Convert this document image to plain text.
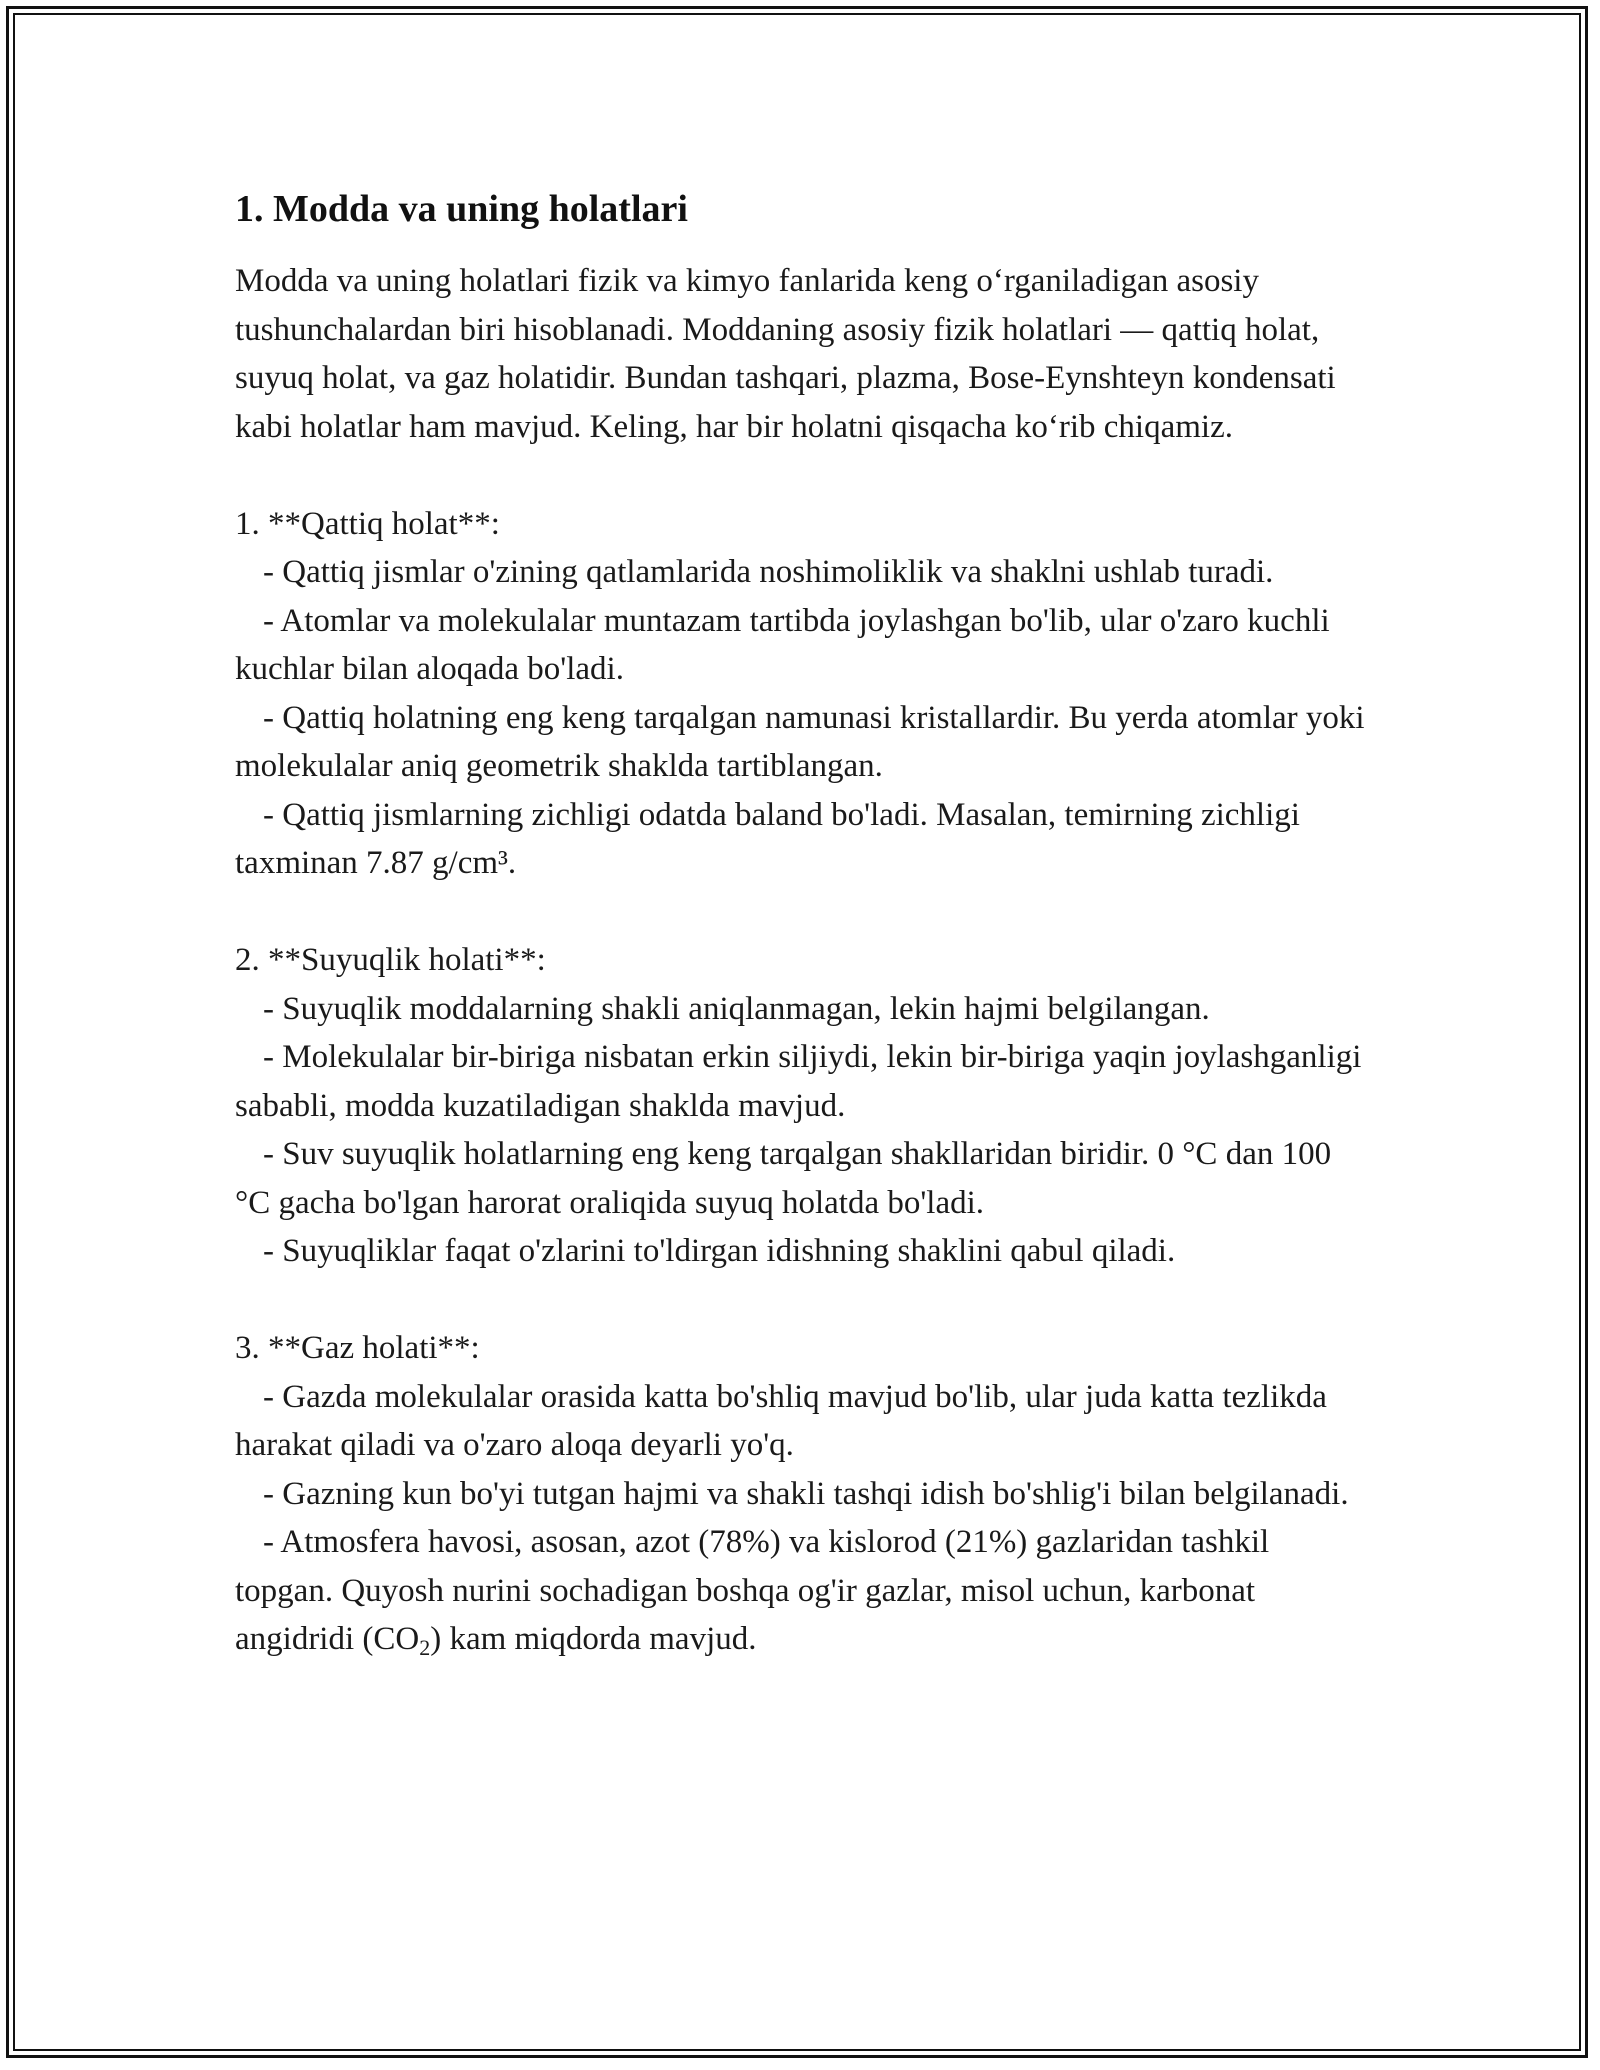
1. Modda va uning holatlari

Modda va uning holatlari fizik va kimyo fanlarida keng o‘rganiladigan asosiy tushunchalardan biri hisoblanadi. Moddaning asosiy fizik holatlari — qattiq holat, suyuq holat, va gaz holatidir. Bundan tashqari, plazma, Bose-Eynshteyn kondensati kabi holatlar ham mavjud. Keling, har bir holatni qisqacha ko‘rib chiqamiz.

1. **Qattiq holat**:

- Qattiq jismlar o'zining qatlamlarida noshimoliklik va shaklni ushlab turadi.

- Atomlar va molekulalar muntazam tartibda joylashgan bo'lib, ular o'zaro kuchli kuchlar bilan aloqada bo'ladi.

- Qattiq holatning eng keng tarqalgan namunasi kristallardir. Bu yerda atomlar yoki molekulalar aniq geometrik shaklda tartiblangan.

- Qattiq jismlarning zichligi odatda baland bo'ladi. Masalan, temirning zichligi taxminan 7.87 g/cm³.

2. **Suyuqlik holati**:

- Suyuqlik moddalarning shakli aniqlanmagan, lekin hajmi belgilangan.

- Molekulalar bir-biriga nisbatan erkin siljiydi, lekin bir-biriga yaqin joylashganligi sababli, modda kuzatiladigan shaklda mavjud.

- Suv suyuqlik holatlarning eng keng tarqalgan shakllaridan biridir. 0 °C dan 100 °C gacha bo'lgan harorat oraliqida suyuq holatda bo'ladi.

- Suyuqliklar faqat o'zlarini to'ldirgan idishning shaklini qabul qiladi.

3. **Gaz holati**:

- Gazda molekulalar orasida katta bo'shliq mavjud bo'lib, ular juda katta tezlikda harakat qiladi va o'zaro aloqa deyarli yo'q.

- Gazning kun bo'yi tutgan hajmi va shakli tashqi idish bo'shlig'i bilan belgilanadi.

- Atmosfera havosi, asosan, azot (78%) va kislorod (21%) gazlaridan tashkil topgan. Quyosh nurini sochadigan boshqa og'ir gazlar, misol uchun, karbonat angidridi $(CO_2)$ kam miqdorda mavjud.
